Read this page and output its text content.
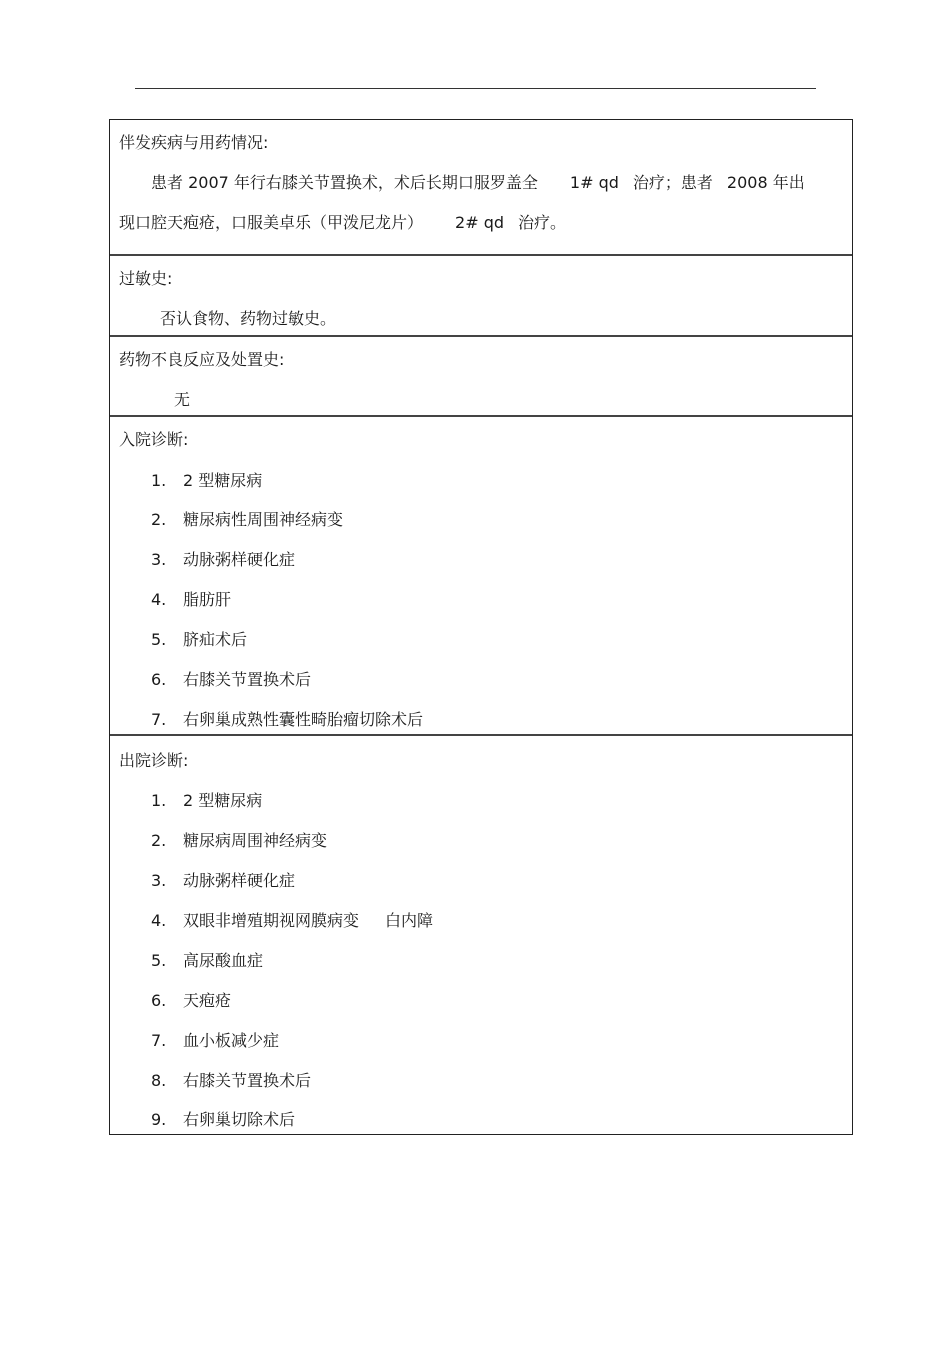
伴发疾病与用药情况:
患者 2007 年行右膝关节置换术，术后长期口服罗盖全 1# qd 治疗；患者 2008 年出
现口腔天疱疮，口服美卓乐（甲泼尼龙片） 2# qd 治疗。
过敏史:
否认食物、药物过敏史。
药物不良反应及处置史:
无
入院诊断:
1. 2 型糖尿病
2. 糖尿病性周围神经病变
3. 动脉粥样硬化症
4. 脂肪肝
5. 脐疝术后
6. 右膝关节置换术后
7. 右卵巢成熟性囊性畸胎瘤切除术后
出院诊断:
1. 2 型糖尿病
2. 糖尿病周围神经病变
3. 动脉粥样硬化症
4. 双眼非增殖期视网膜病变 白内障
5. 高尿酸血症
6. 天疱疮
7. 血小板减少症
8. 右膝关节置换术后
9. 右卵巢切除术后
